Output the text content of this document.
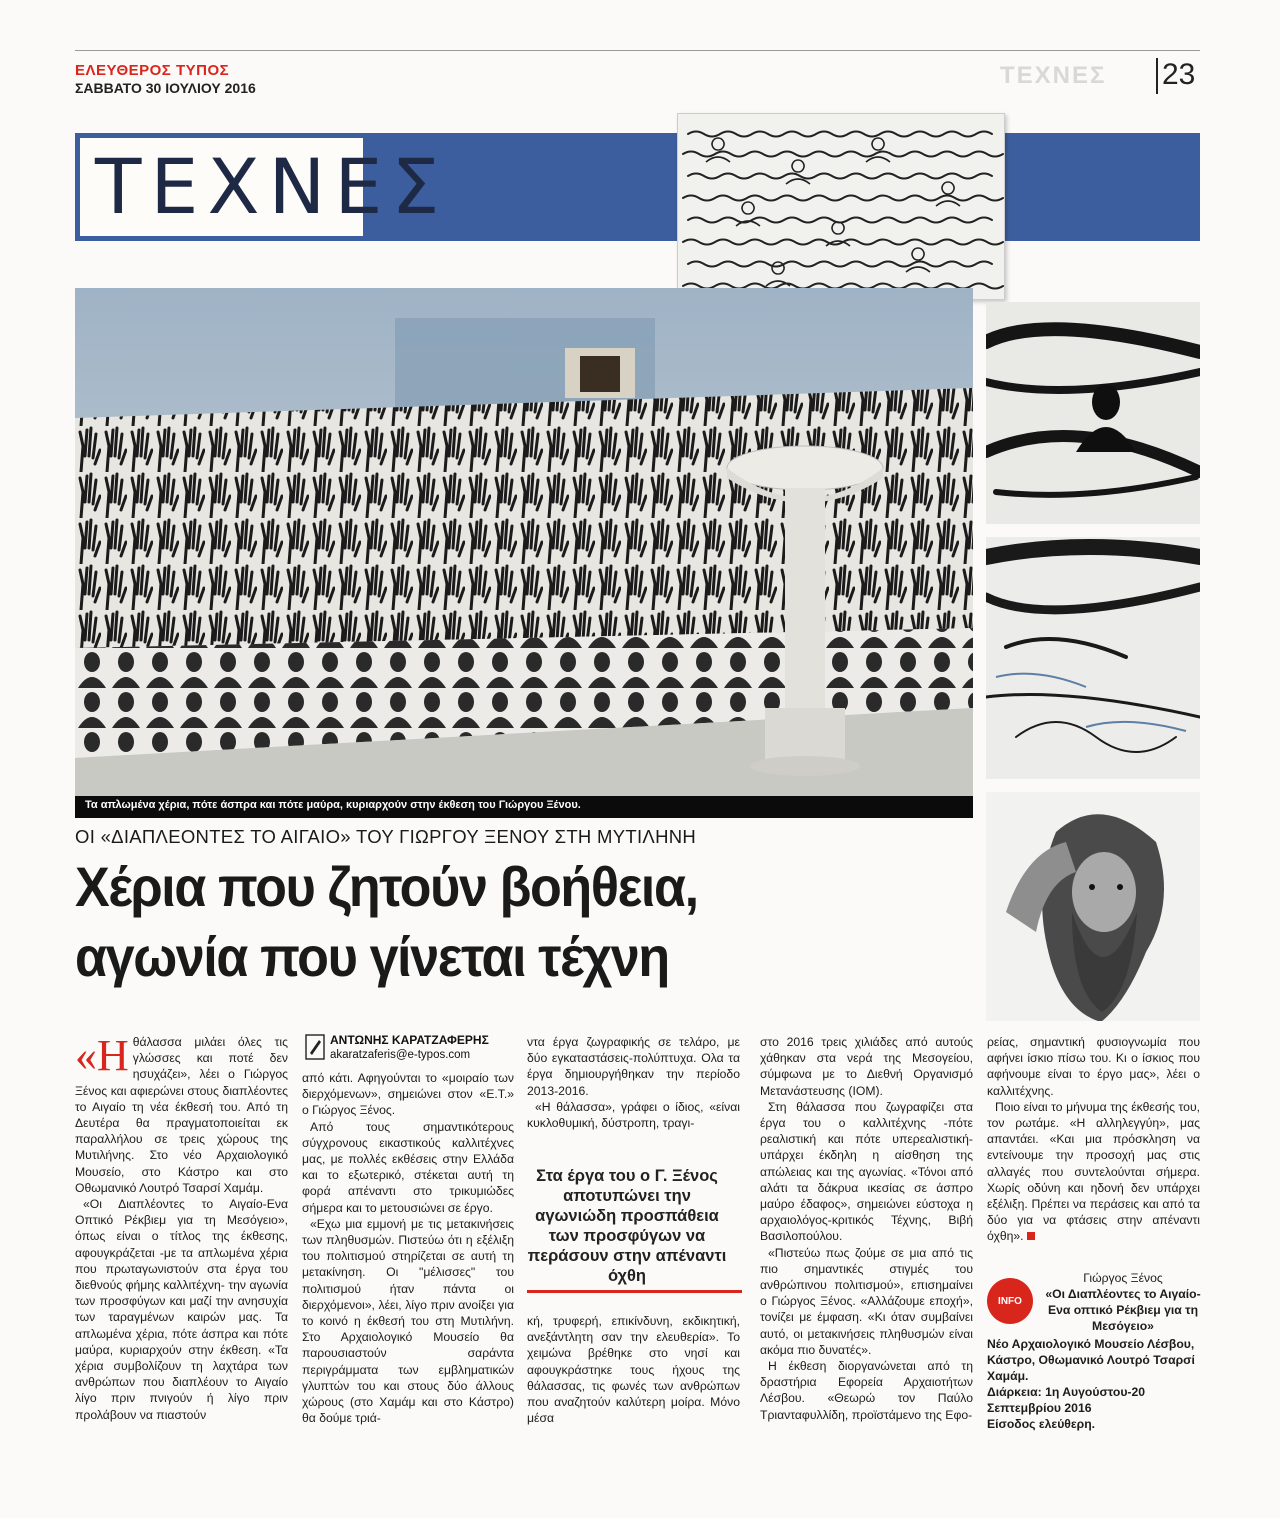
ΕΛΕΥΘΕΡΟΣ ΤΥΠΟΣ
ΣΑΒΒΑΤΟ 30 ΙΟΥΛΙΟΥ 2016	ΤΕΧΝΕΣ 23
ΤΕΧΝΕΣ
Τα απλωμένα χέρια, πότε άσπρα και πότε μαύρα, κυριαρχούν στην έκθεση του Γιώργου Ξένου.
ΟΙ «ΔΙΑΠΛΕΟΝΤΕΣ ΤΟ ΑΙΓΑΙΟ» ΤΟΥ ΓΙΩΡΓΟΥ ΞΕΝΟΥ ΣΤΗ ΜΥΤΙΛΗΝΗ
Χέρια που ζητούν βοήθεια,
αγωνία που γίνεται τέχνη
«Η θάλασσα μιλάει όλες τις γλώσσες και ποτέ δεν ησυχάζει», λέει ο Γιώργος Ξένος και αφιερώνει στους διαπλέοντες το Αιγαίο τη νέα έκθεσή του. Από τη Δευτέρα θα πραγματοποιείται εκ παραλλήλου σε τρεις χώρους της Μυτιλήνης. Στο νέο Αρχαιολογικό Μουσείο, στο Κάστρο και στο Οθωμανικό Λουτρό Τσαρσί Χαμάμ.

«Οι Διαπλέοντες το Αιγαίο-Ενα Οπτικό Ρέκβιεμ για τη Μεσόγειο», όπως είναι ο τίτλος της έκθεσης, αφουγκράζεται -με τα απλωμένα χέρια που πρωταγωνιστούν στα έργα του διεθνούς φήμης καλλιτέχνη- την αγωνία των προσφύγων και μαζί την ανησυχία των ταραγμένων καιρών μας. Τα απλωμένα χέρια, πότε άσπρα και πότε μαύρα, κυριαρχούν στην έκθεση. «Τα χέρια συμβολίζουν τη λαχτάρα των ανθρώπων που διαπλέουν το Αιγαίο λίγο πριν πνιγούν ή λίγο πριν προλάβουν να πιαστούν

ΑΝΤΩΝΗΣ ΚΑΡΑΤΖΑΦΕΡΗΣ
akaratzaferis@e-typos.com

από κάτι. Αφηγούνται το «μοιραίο των διερχόμενων», σημειώνει στον «Ε.Τ.» ο Γιώργος Ξένος.

Από τους σημαντικότερους σύγχρονους εικαστικούς καλλιτέχνες μας, με πολλές εκθέσεις στην Ελλάδα και το εξωτερικό, στέκεται αυτή τη φορά απέναντι στο τρικυμιώδες σήμερα και το μετουσιώνει σε έργο.

«Εχω μια εμμονή με τις μετακινήσεις των πληθυσμών. Πιστεύω ότι η εξέλιξη του πολιτισμού στηρίζεται σε αυτή τη μετακίνηση. Οι "μέλισσες" του πολιτισμού ήταν πάντα οι διερχόμενοι», λέει, λίγο πριν ανοίξει για το κοινό η έκθεσή του στη Μυτιλήνη. Στο Αρχαιολογικό Μουσείο θα παρουσιαστούν σαράντα περιγράμματα των εμβληματικών γλυπτών του και στους δύο άλλους χώρους (στο Χαμάμ και στο Κάστρο) θα δούμε τριά-

ντα έργα ζωγραφικής σε τελάρο, με δύο εγκαταστάσεις-πολύπτυχα. Ολα τα έργα δημιουργήθηκαν την περίοδο 2013-2016.

«Η θάλασσα», γράφει ο ίδιος, «είναι κυκλοθυμική, δύστροπη, τραγι-

Στα έργα του ο Γ. Ξένος αποτυπώνει την αγωνιώδη προσπάθεια των προσφύγων να περάσουν στην απέναντι όχθη

κή, τρυφερή, επικίνδυνη, εκδικητική, ανεξάντλητη σαν την ελευθερία». Το χειμώνα βρέθηκε στο νησί και αφουγκράστηκε τους ήχους της θάλασσας, τις φωνές των ανθρώπων που αναζητούν καλύτερη μοίρα. Μόνο μέσα

στο 2016 τρεις χιλιάδες από αυτούς χάθηκαν στα νερά της Μεσογείου, σύμφωνα με το Διεθνή Οργανισμό Μετανάστευσης (ΙΟΜ).

Στη θάλασσα που ζωγραφίζει στα έργα του ο καλλιτέχνης -πότε ρεαλιστική και πότε υπερεαλιστική- υπάρχει έκδηλη η αίσθηση της απώλειας και της αγωνίας. «Τόνοι από αλάτι τα δάκρυα ικεσίας σε άσπρο μαύρο έδαφος», σημειώνει εύστοχα η αρχαιολόγος-κριτικός Τέχνης, Βιβή Βασιλοπούλου.

«Πιστεύω πως ζούμε σε μια από τις πιο σημαντικές στιγμές του ανθρώπινου πολιτισμού», επισημαίνει ο Γιώργος Ξένος. «Αλλάζουμε εποχή», τονίζει με έμφαση. «Κι όταν συμβαίνει αυτό, οι μετακινήσεις πληθυσμών είναι ακόμα πιο δυνατές».

Η έκθεση διοργανώνεται από τη δραστήρια Εφορεία Αρχαιοτήτων Λέσβου. «Θεωρώ τον Παύλο Τριανταφυλλίδη, προϊστάμενο της Εφο-

ρείας, σημαντική φυσιογνωμία που αφήνει ίσκιο πίσω του. Κι ο ίσκιος που αφήνουμε είναι το έργο μας», λέει ο καλλιτέχνης.

Ποιο είναι το μήνυμα της έκθεσής του, τον ρωτάμε. «Η αλληλεγγύη», μας απαντάει. «Και μια πρόσκληση να εντείνουμε την προσοχή μας στις αλλαγές που συντελούνται σήμερα. Χωρίς οδύνη και ηδονή δεν υπάρχει εξέλιξη. Πρέπει να περάσεις και από τα δύο για να φτάσεις στην απέναντι όχθη».

INFO
Γιώργος Ξένος
«Οι Διαπλέοντες το Αιγαίο-Ενα οπτικό Ρέκβιεμ για τη Μεσόγειο»
Νέο Αρχαιολογικό Μουσείο Λέσβου, Κάστρο, Οθωμανικό Λουτρό Τσαρσί Χαμάμ.
Διάρκεια: 1η Αυγούστου-20 Σεπτεμβρίου 2016
Είσοδος ελεύθερη.
